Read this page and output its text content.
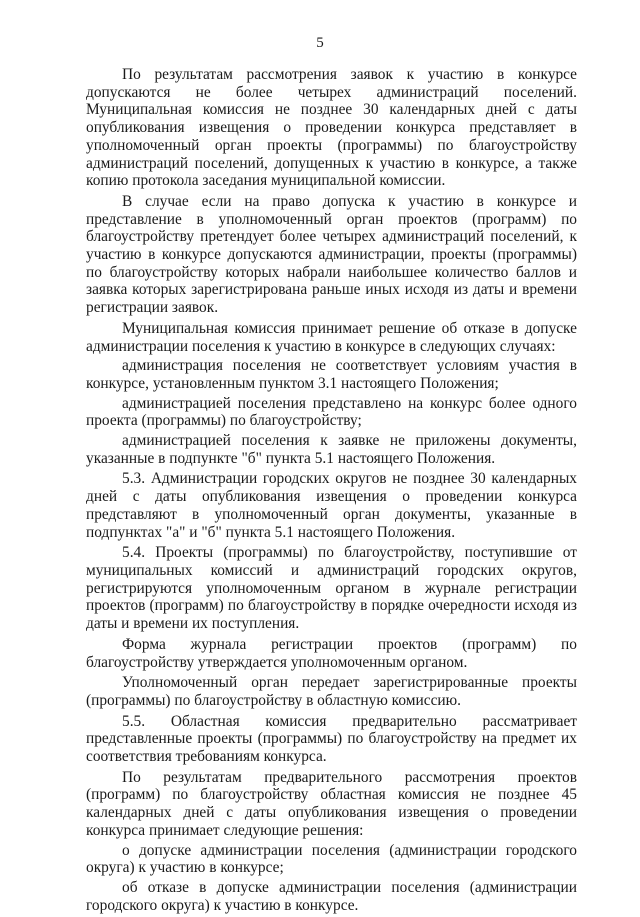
5

По результатам рассмотрения заявок к участию в конкурсе допускаются не более четырех администраций поселений. Муниципальная комиссия не позднее 30 календарных дней с даты опубликования извещения о проведении конкурса представляет в уполномоченный орган проекты (программы) по благоустройству администраций поселений, допущенных к участию в конкурсе, а также копию протокола заседания муниципальной комиссии.

В случае если на право допуска к участию в конкурсе и представление в уполномоченный орган проектов (программ) по благоустройству претендует более четырех администраций поселений, к участию в конкурсе допускаются администрации, проекты (программы) по благоустройству которых набрали наибольшее количество баллов и заявка которых зарегистрирована раньше иных исходя из даты и времени регистрации заявок.

Муниципальная комиссия принимает решение об отказе в допуске администрации поселения к участию в конкурсе в следующих случаях:

администрация поселения не соответствует условиям участия в конкурсе, установленным пунктом 3.1 настоящего Положения;

администрацией поселения представлено на конкурс более одного проекта (программы) по благоустройству;

администрацией поселения к заявке не приложены документы, указанные в подпункте "б" пункта 5.1 настоящего Положения.

5.3. Администрации городских округов не позднее 30 календарных дней с даты опубликования извещения о проведении конкурса представляют в уполномоченный орган документы, указанные в подпунктах "а" и "б" пункта 5.1 настоящего Положения.

5.4. Проекты (программы) по благоустройству, поступившие от муниципальных комиссий и администраций городских округов, регистрируются уполномоченным органом в журнале регистрации проектов (программ) по благоустройству в порядке очередности исходя из даты и времени их поступления.

Форма журнала регистрации проектов (программ) по благоустройству утверждается уполномоченным органом.

Уполномоченный орган передает зарегистрированные проекты (программы) по благоустройству в областную комиссию.

5.5. Областная комиссия предварительно рассматривает представленные проекты (программы) по благоустройству на предмет их соответствия требованиям конкурса.

По результатам предварительного рассмотрения проектов (программ) по благоустройству областная комиссия не позднее 45 календарных дней с даты опубликования извещения о проведении конкурса принимает следующие решения:

о допуске администрации поселения (администрации городского округа) к участию в конкурсе;

об отказе в допуске администрации поселения (администрации городского округа) к участию в конкурсе.
